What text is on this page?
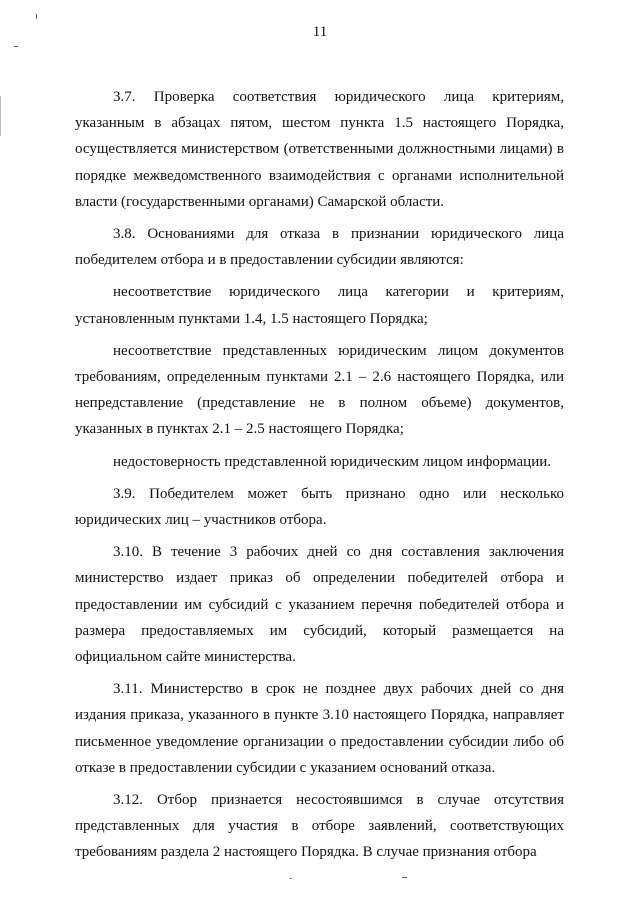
11

3.7. Проверка соответствия юридического лица критериям, указанным в абзацах пятом, шестом пункта 1.5 настоящего Порядка, осуществляется министерством (ответственными должностными лицами) в порядке межведомственного взаимодействия с органами исполнительной власти (государственными органами) Самарской области.

3.8. Основаниями для отказа в признании юридического лица победителем отбора и в предоставлении субсидии являются:

несоответствие юридического лица категории и критериям, установленным пунктами 1.4, 1.5 настоящего Порядка;

несоответствие представленных юридическим лицом документов требованиям, определенным пунктами 2.1 – 2.6 настоящего Порядка, или непредставление (представление не в полном объеме) документов, указанных в пунктах 2.1 – 2.5 настоящего Порядка;

недостоверность представленной юридическим лицом информации.

3.9. Победителем может быть признано одно или несколько юридических лиц – участников отбора.

3.10. В течение 3 рабочих дней со дня составления заключения министерство издает приказ об определении победителей отбора и предоставлении им субсидий с указанием перечня победителей отбора и размера предоставляемых им субсидий, который размещается на официальном сайте министерства.

3.11. Министерство в срок не позднее двух рабочих дней со дня издания приказа, указанного в пункте 3.10 настоящего Порядка, направляет письменное уведомление организации о предоставлении субсидии либо об отказе в предоставлении субсидии с указанием оснований отказа.

3.12. Отбор признается несостоявшимся в случае отсутствия представленных для участия в отборе заявлений, соответствующих требованиям раздела 2 настоящего Порядка. В случае признания отбора
